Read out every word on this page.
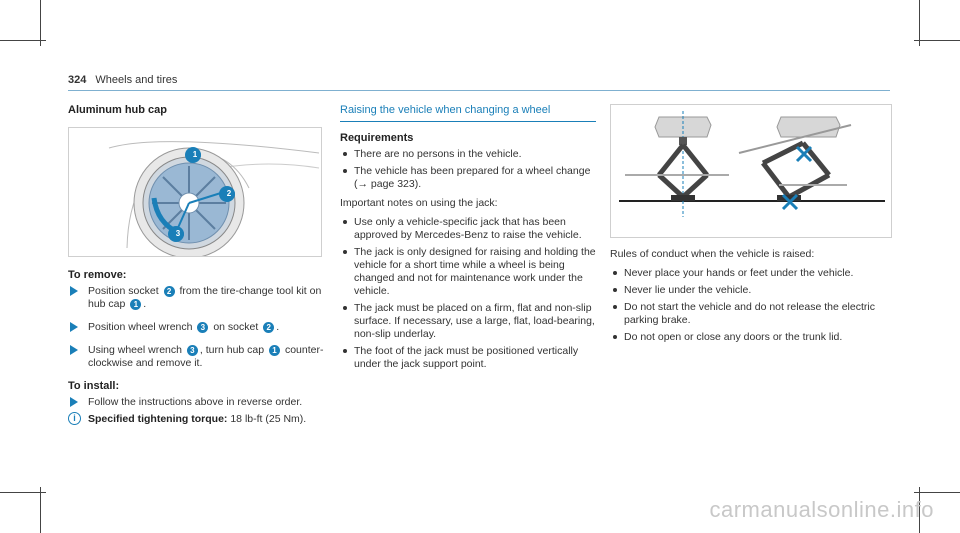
324 Wheels and tires
Aluminum hub cap
1
2
3
To remove:
Position socket 2 from the tire-change tool kit on hub cap 1 .
Position wheel wrench 3 on socket 2 .
Using wheel wrench 3 , turn hub cap 1 counter-clockwise and remove it.
To install:
Follow the instructions above in reverse order.
i	Specified tightening torque: 18 lb-ft (25 Nm).
Raising the vehicle when changing a wheel
Requirements
There are no persons in the vehicle.
The vehicle has been prepared for a wheel change (→ page 323).

Important notes on using the jack:

Use only a vehicle-specific jack that has been approved by Mercedes-Benz to raise the vehicle.
The jack is only designed for raising and holding the vehicle for a short time while a wheel is being changed and not for maintenance work under the vehicle.
The jack must be placed on a firm, flat and non-slip surface. If necessary, use a large, flat, load-bearing, non-slip underlay.
The foot of the jack must be positioned vertically under the jack support point.

Rules of conduct when the vehicle is raised:

Never place your hands or feet under the vehicle.
Never lie under the vehicle.
Do not start the vehicle and do not release the electric parking brake.
Do not open or close any doors or the trunk lid.
carmanualsonline.info
